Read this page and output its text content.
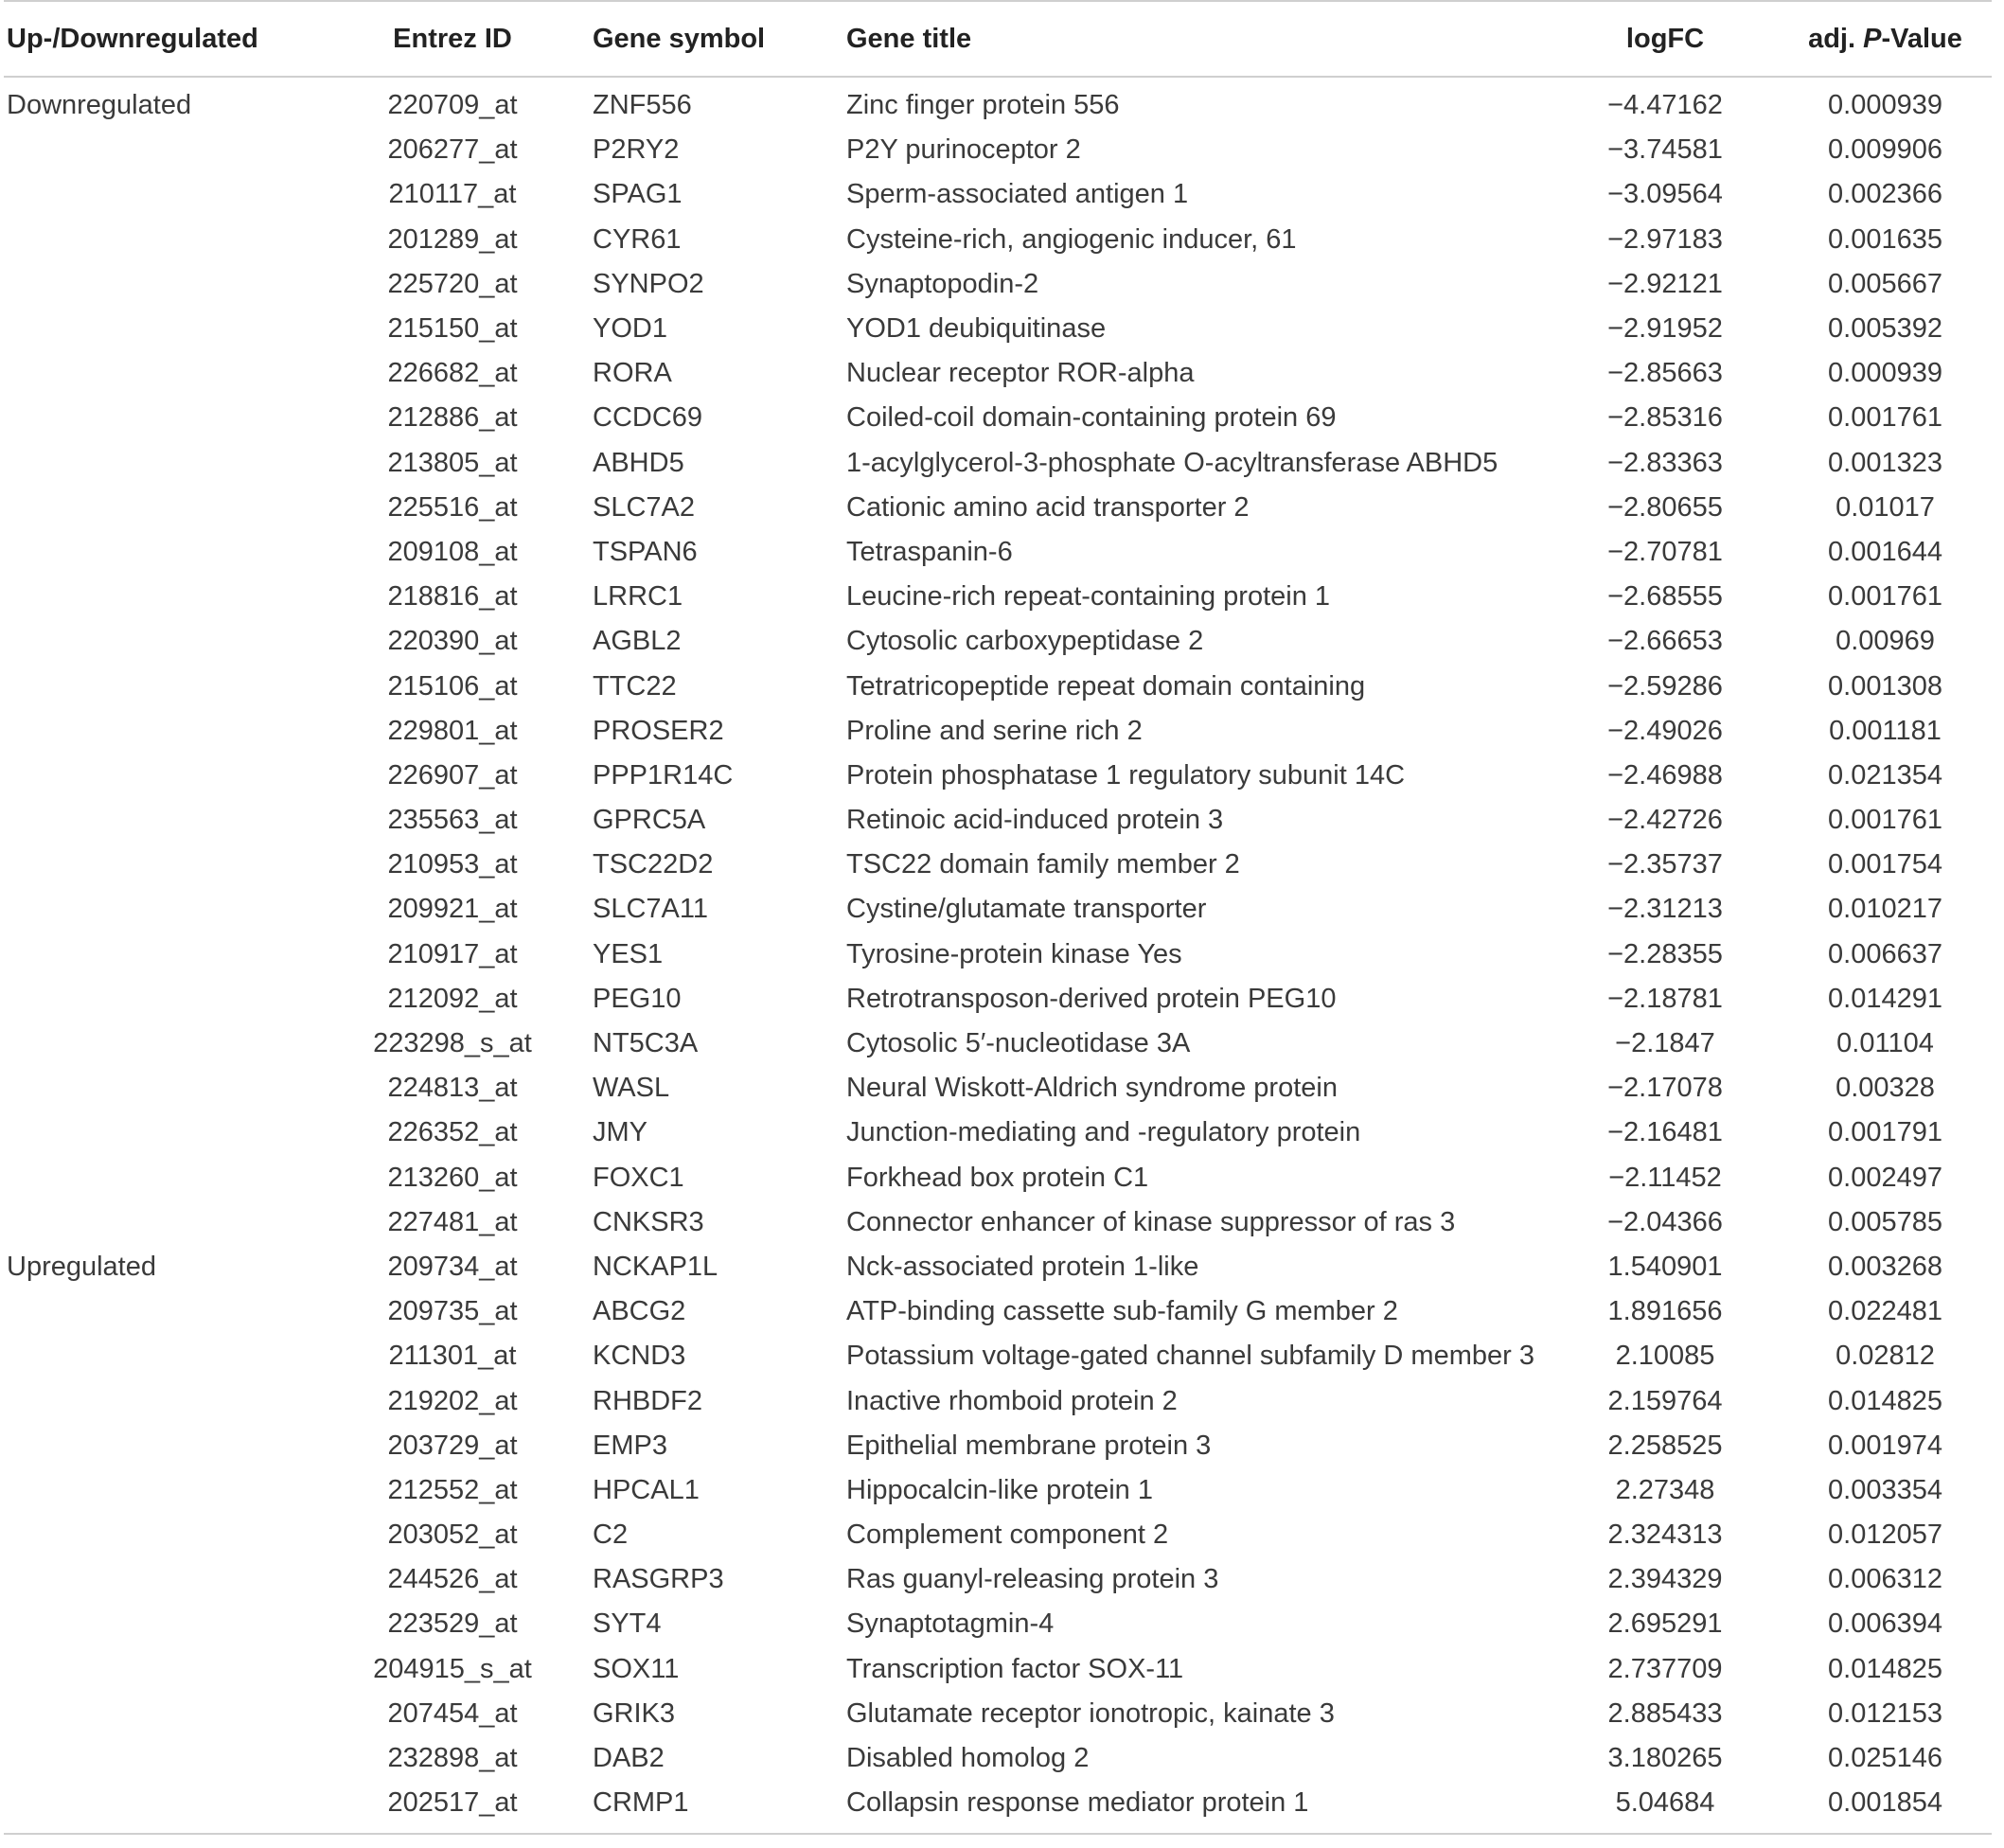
Up-/Downregulated	Entrez ID	Gene symbol	Gene title	logFC	adj. P-Value
Downregulated	220709_at	ZNF556	Zinc finger protein 556	−4.47162	0.000939
	206277_at	P2RY2	P2Y purinoceptor 2	−3.74581	0.009906
	210117_at	SPAG1	Sperm-associated antigen 1	−3.09564	0.002366
	201289_at	CYR61	Cysteine-rich, angiogenic inducer, 61	−2.97183	0.001635
	225720_at	SYNPO2	Synaptopodin-2	−2.92121	0.005667
	215150_at	YOD1	YOD1 deubiquitinase	−2.91952	0.005392
	226682_at	RORA	Nuclear receptor ROR-alpha	−2.85663	0.000939
	212886_at	CCDC69	Coiled-coil domain-containing protein 69	−2.85316	0.001761
	213805_at	ABHD5	1-acylglycerol-3-phosphate O-acyltransferase ABHD5	−2.83363	0.001323
	225516_at	SLC7A2	Cationic amino acid transporter 2	−2.80655	0.01017
	209108_at	TSPAN6	Tetraspanin-6	−2.70781	0.001644
	218816_at	LRRC1	Leucine-rich repeat-containing protein 1	−2.68555	0.001761
	220390_at	AGBL2	Cytosolic carboxypeptidase 2	−2.66653	0.00969
	215106_at	TTC22	Tetratricopeptide repeat domain containing	−2.59286	0.001308
	229801_at	PROSER2	Proline and serine rich 2	−2.49026	0.001181
	226907_at	PPP1R14C	Protein phosphatase 1 regulatory subunit 14C	−2.46988	0.021354
	235563_at	GPRC5A	Retinoic acid-induced protein 3	−2.42726	0.001761
	210953_at	TSC22D2	TSC22 domain family member 2	−2.35737	0.001754
	209921_at	SLC7A11	Cystine/glutamate transporter	−2.31213	0.010217
	210917_at	YES1	Tyrosine-protein kinase Yes	−2.28355	0.006637
	212092_at	PEG10	Retrotransposon-derived protein PEG10	−2.18781	0.014291
	223298_s_at	NT5C3A	Cytosolic 5′-nucleotidase 3A	−2.1847	0.01104
	224813_at	WASL	Neural Wiskott-Aldrich syndrome protein	−2.17078	0.00328
	226352_at	JMY	Junction-mediating and -regulatory protein	−2.16481	0.001791
	213260_at	FOXC1	Forkhead box protein C1	−2.11452	0.002497
	227481_at	CNKSR3	Connector enhancer of kinase suppressor of ras 3	−2.04366	0.005785
Upregulated	209734_at	NCKAP1L	Nck-associated protein 1-like	1.540901	0.003268
	209735_at	ABCG2	ATP-binding cassette sub-family G member 2	1.891656	0.022481
	211301_at	KCND3	Potassium voltage-gated channel subfamily D member 3	2.10085	0.02812
	219202_at	RHBDF2	Inactive rhomboid protein 2	2.159764	0.014825
	203729_at	EMP3	Epithelial membrane protein 3	2.258525	0.001974
	212552_at	HPCAL1	Hippocalcin-like protein 1	2.27348	0.003354
	203052_at	C2	Complement component 2	2.324313	0.012057
	244526_at	RASGRP3	Ras guanyl-releasing protein 3	2.394329	0.006312
	223529_at	SYT4	Synaptotagmin-4	2.695291	0.006394
	204915_s_at	SOX11	Transcription factor SOX-11	2.737709	0.014825
	207454_at	GRIK3	Glutamate receptor ionotropic, kainate 3	2.885433	0.012153
	232898_at	DAB2	Disabled homolog 2	3.180265	0.025146
	202517_at	CRMP1	Collapsin response mediator protein 1	5.04684	0.001854
